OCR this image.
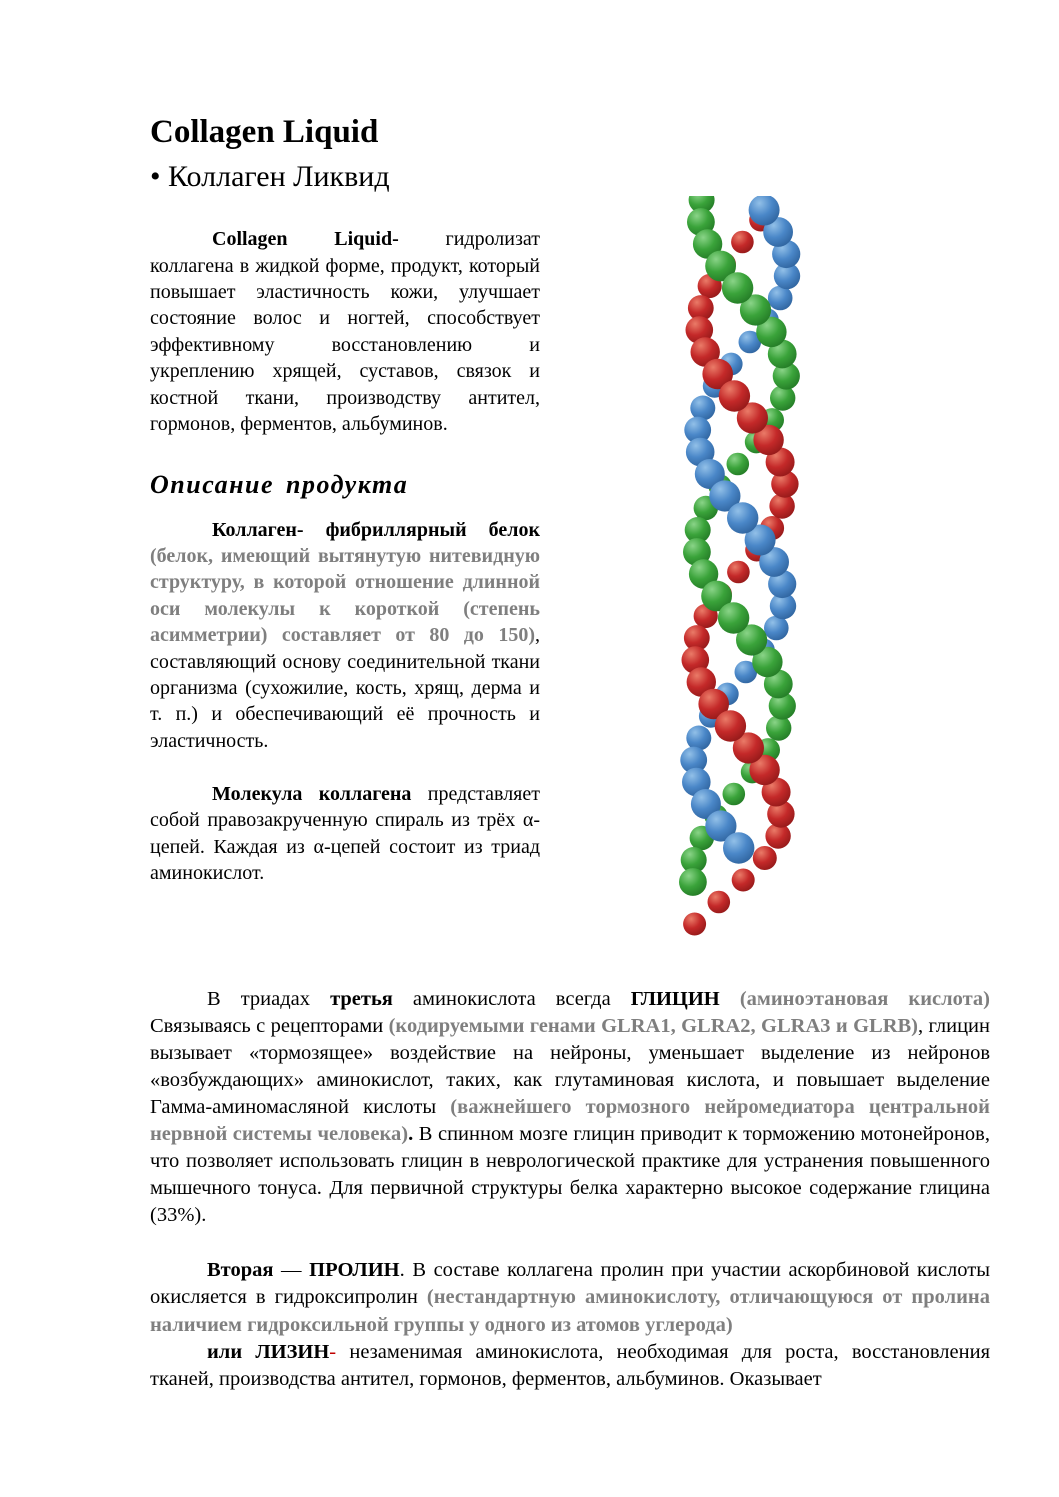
Collagen Liquid
• Коллаген Ликвид

Collagen Liquid- гидролизат коллагена в жидкой форме, продукт, который повышает эластичность кожи, улучшает состояние волос и ногтей, способствует эффективному восстановлению и укреплению хрящей, суставов, связок и костной ткани, производству антител, гормонов, ферментов, альбуминов.

Описание продукта

Коллаген- фибриллярный белок (белок, имеющий вытянутую нитевидную структуру, в которой отношение длинной оси молекулы к короткой (степень асимметрии) составляет от 80 до 150), составляющий основу соединительной ткани организма (сухожилие, кость, хрящ, дерма и т. п.) и обеспечивающий её прочность и эластичность.

Молекула коллагена представляет собой правозакрученную спираль из трёх α-цепей. Каждая из α-цепей состоит из триад аминокислот.

В триадах третья аминокислота всегда ГЛИЦИН (аминоэтановая кислота) Связываясь с рецепторами (кодируемыми генами GLRA1, GLRA2, GLRA3 и GLRB), глицин вызывает «тормозящее» воздействие на нейроны, уменьшает выделение из нейронов «возбуждающих» аминокислот, таких, как глутаминовая кислота, и повышает выделение Гамма-аминомасляной кислоты (важнейшего тормозного нейромедиатора центральной нервной системы человека). В спинном мозге глицин приводит к торможению мотонейронов, что позволяет использовать глицин в неврологической практике для устранения повышенного мышечного тонуса. Для первичной структуры белка характерно высокое содержание глицина (33%).

Вторая — ПРОЛИН. В составе коллагена пролин при участии аскорбиновой кислоты окисляется в гидроксипролин (нестандартную аминокислоту, отличающуюся от пролина наличием гидроксильной группы у одного из атомов углерода)

или ЛИЗИН- незаменимая аминокислота, необходимая для роста, восстановления тканей, производства антител, гормонов, ферментов, альбуминов. Оказывает
